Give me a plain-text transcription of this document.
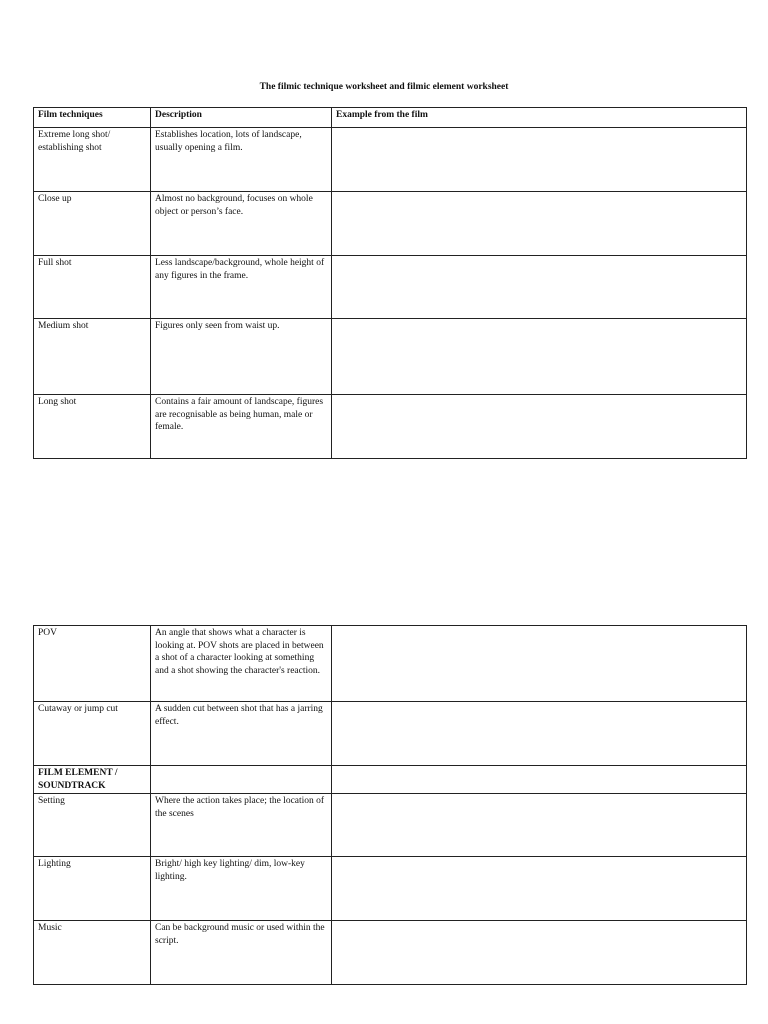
The filmic technique worksheet and filmic element worksheet
Film techniques	Description	Example from the film
Extreme long shot/ establishing shot	Establishes location, lots of landscape, usually opening a film.	
Close up	Almost no background, focuses on whole object or person’s face.	
Full shot	Less landscape/background, whole height of any figures in the frame.	
Medium shot	Figures only seen from waist up.	
Long shot	Contains a fair amount of landscape, figures are recognisable as being human, male or female.	
POV	An angle that shows what a character is looking at. POV shots are placed in between a shot of a character looking at something and a shot showing the character's reaction.	
Cutaway or jump cut	A sudden cut between shot that has a jarring effect.	
FILM ELEMENT / SOUNDTRACK		
Setting	Where the action takes place; the location of the scenes	
Lighting	Bright/ high key lighting/ dim, low-key lighting.	
Music	Can be background music or used within the script.	
